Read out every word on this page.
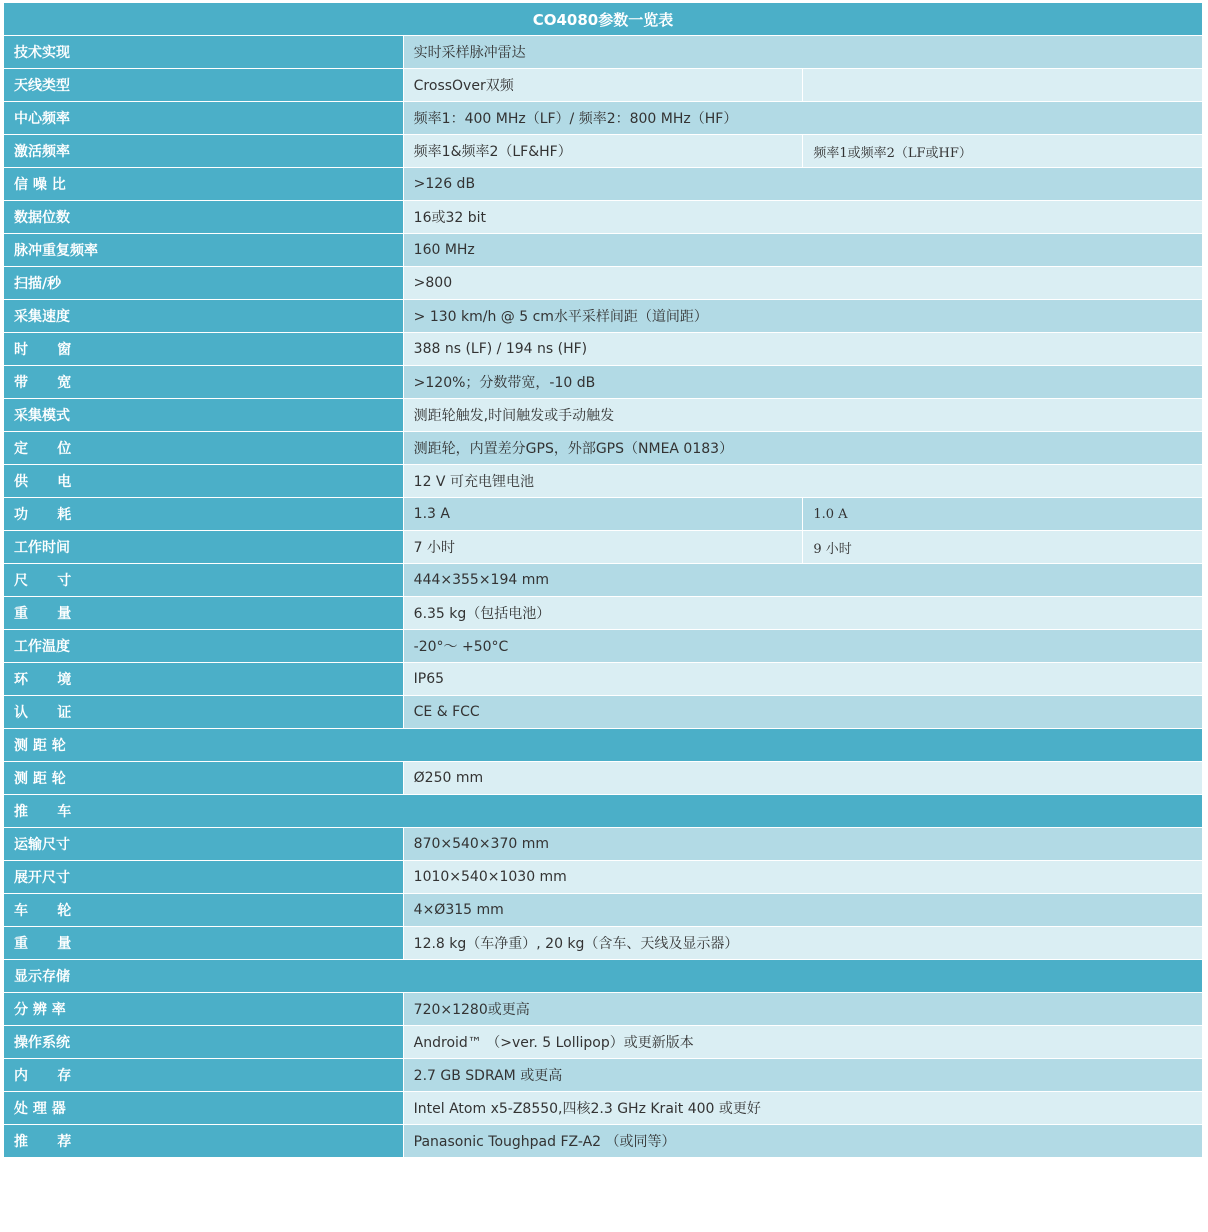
CO4080参数一览表		
技术实现	实时采样脉冲雷达	
天线类型	CrossOver双频	
中心频率	频率1：400 MHz（LF）/ 频率2：800 MHz（HF）	
激活频率	频率1&频率2（LF&HF）	频率1或频率2（LF或HF）
信 噪 比	>126 dB	
数据位数	16或32 bit	
脉冲重复频率	160 MHz	
扫描/秒	>800	
采集速度	> 130 km/h @ 5 cm水平采样间距（道间距）	
时      窗	388 ns (LF) / 194 ns (HF)	
带      宽	>120%；分数带宽，-10 dB	
采集模式	测距轮触发,时间触发或手动触发	
定      位	测距轮，内置差分GPS，外部GPS（NMEA 0183）	
供      电	12 V 可充电锂电池	
功      耗	1.3 A	1.0 A
工作时间	7 小时	9 小时
尺      寸	444×355×194 mm	
重      量	6.35 kg（包括电池）	
工作温度	-20°～ +50°C	
环      境	IP65	
认      证	CE & FCC	
测 距 轮		
测 距 轮	Ø250 mm	
推      车		
运输尺寸	870×540×370 mm	
展开尺寸	1010×540×1030 mm	
车      轮	4×Ø315 mm	
重      量	12.8 kg（车净重）, 20 kg（含车、天线及显示器）	
显示存储		
分 辨 率	720×1280或更高	
操作系统	Android™ （>ver. 5 Lollipop）或更新版本	
内      存	2.7 GB SDRAM 或更高	
处 理 器	Intel Atom x5-Z8550,四核2.3 GHz Krait 400 或更好	
推      荐	Panasonic Toughpad FZ-A2 （或同等）	
